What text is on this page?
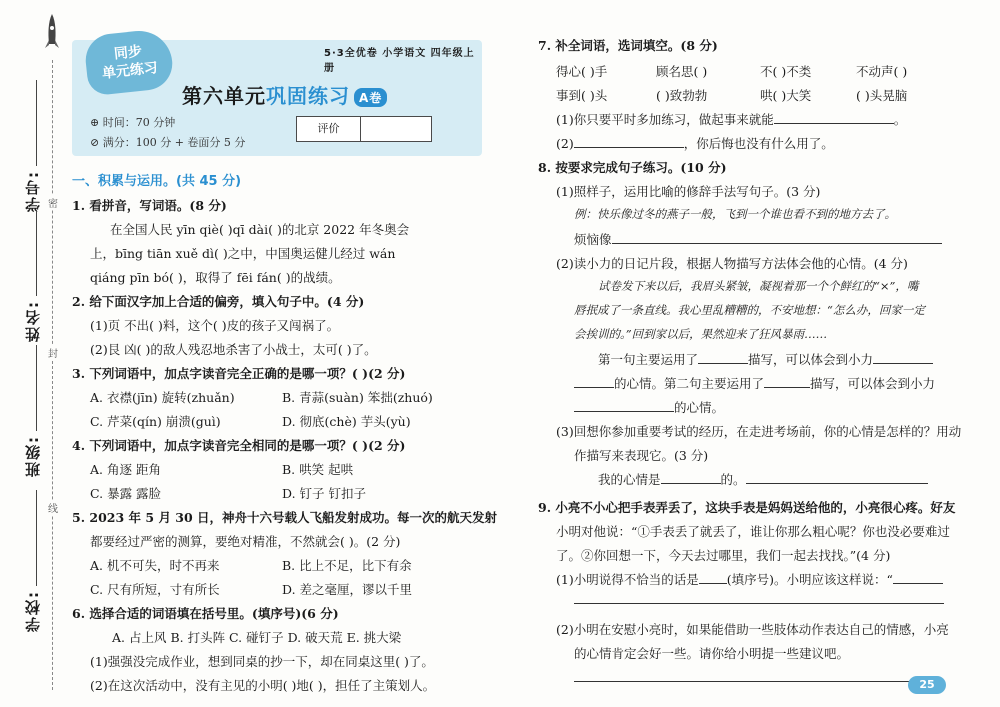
学号:
姓名:
班级:
学校:
密
封
线
同步
单元练习
5·3全优卷 小学语文 四年级上册
第六单元巩固练习 A卷
⊕ 时间：70 分钟
⊘ 满分：100 分 + 卷面分 5 分
评价
一、积累与运用。(共 45 分)
1. 看拼音，写词语。(8 分)
在全国人民 yīn qiè( )qī dài( )的北京 2022 年冬奥会
上，bīng tiān xuě dì( )之中，中国奥运健儿经过 wán
qiáng pīn bó( )，取得了 fēi fán( )的战绩。
2. 给下面汉字加上合适的偏旁，填入句子中。(4 分)
(1)页 不出( )料，这个( )皮的孩子又闯祸了。
(2)艮 凶( )的敌人残忍地杀害了小战士，太可( )了。
3. 下列词语中，加点字读音完全正确的是哪一项？( )(2 分)
A. 衣襟(jīn) 旋转(zhuǎn)	B. 青蒜(suàn) 笨拙(zhuó)
C. 芹菜(qín) 崩溃(guì)	D. 彻底(chè) 芋头(yù)
4. 下列词语中，加点字读音完全相同的是哪一项？( )(2 分)
A. 角逐 距角	B. 哄笑 起哄
C. 暴露 露脸	D. 钉子 钉扣子
5. 2023 年 5 月 30 日，神舟十六号载人飞船发射成功。每一次的航天发射
都要经过严密的测算，要绝对精准，不然就会( )。(2 分)
A. 机不可失，时不再来	B. 比上不足，比下有余
C. 尺有所短，寸有所长	D. 差之毫厘，谬以千里
6. 选择合适的词语填在括号里。(填序号)(6 分)
A. 占上风 B. 打头阵 C. 碰钉子 D. 破天荒 E. 挑大梁
(1)强强没完成作业，想到同桌的抄一下，却在同桌这里( )了。
(2)在这次活动中，没有主见的小明( )地( )，担任了主策划人。
7. 补全词语，选词填空。(8 分)
得心( )手	顾名思( )	不( )不类	不动声( )
事到( )头	( )致勃勃	哄( )大笑	( )头晃脑
(1)你只要平时多加练习，做起事来就能	。
(2)	，你后悔也没有什么用了。
8. 按要求完成句子练习。(10 分)
(1)照样子，运用比喻的修辞手法写句子。(3 分)
例：快乐像过冬的燕子一般，飞到一个谁也看不到的地方去了。
烦恼像
(2)读小力的日记片段，根据人物描写方法体会他的心情。(4 分)
试卷发下来以后，我眉头紧皱，凝视着那一个个鲜红的“×”，嘴
唇抿成了一条直线。我心里乱糟糟的，不安地想：“怎么办，回家一定
会挨训的。”回到家以后，果然迎来了狂风暴雨……
第一句主要运用了	描写，可以体会到小力
的心情。第二句主要运用了	描写，可以体会到小力
的心情。
(3)回想你参加重要考试的经历，在走进考场前，你的心情是怎样的？用动
作描写来表现它。(3 分)
我的心情是	的。
9. 小亮不小心把手表弄丢了，这块手表是妈妈送给他的，小亮很心疼。好友
小明对他说：“①手表丢了就丢了，谁让你那么粗心呢？你也没必要难过
了。②你回想一下，今天去过哪里，我们一起去找找。”(4 分)
(1)小明说得不恰当的话是 (填序号)。小明应该这样说：“
(2)小明在安慰小亮时，如果能借助一些肢体动作表达自己的情感，小亮
的心情肯定会好一些。请你给小明提一些建议吧。
25
